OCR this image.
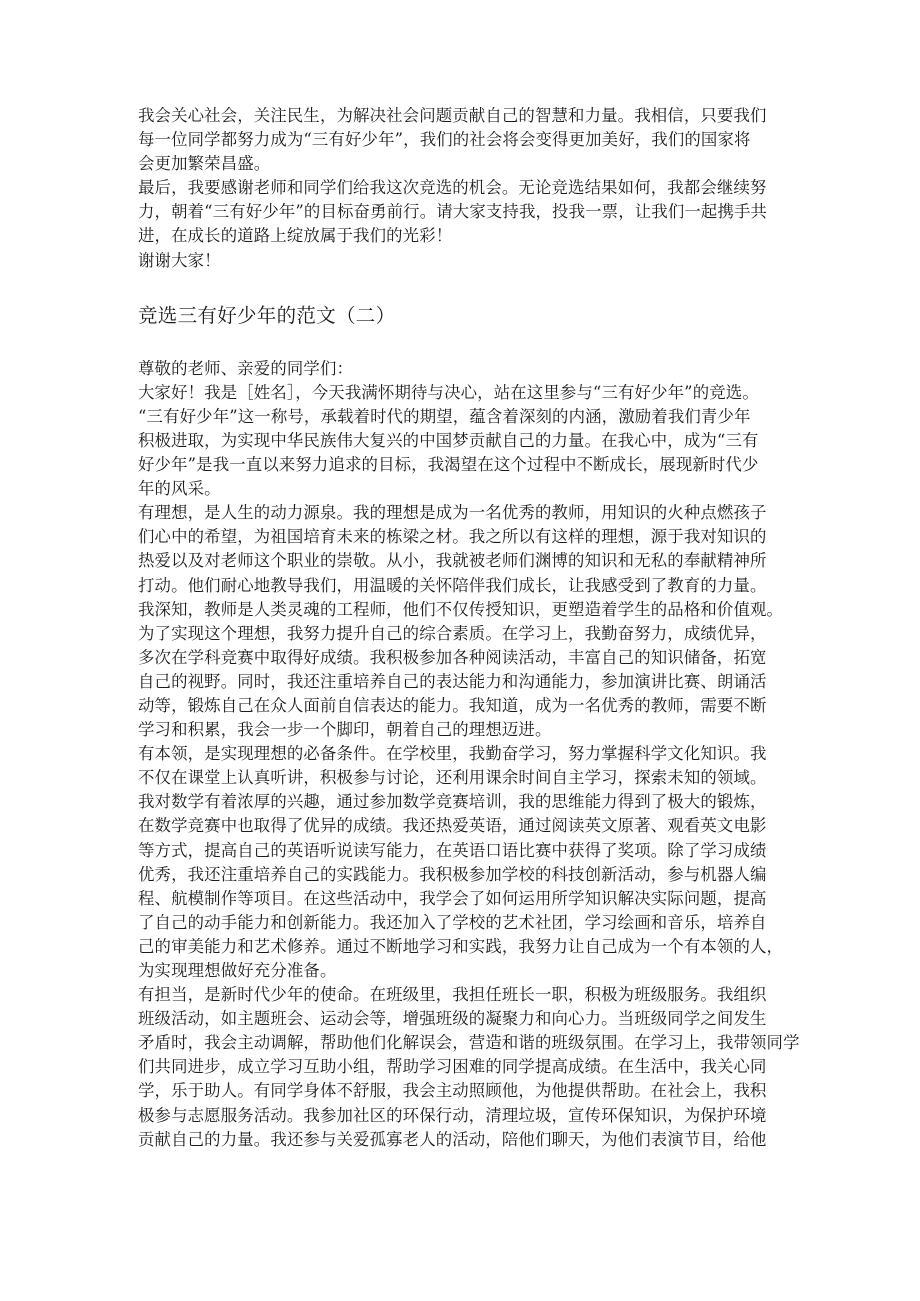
我会关心社会，关注民生，为解决社会问题贡献自己的智慧和力量。我相信，只要我们
每一位同学都努力成为“三有好少年”，我们的社会将会变得更加美好，我们的国家将
会更加繁荣昌盛。
最后，我要感谢老师和同学们给我这次竞选的机会。无论竞选结果如何，我都会继续努
力，朝着“三有好少年”的目标奋勇前行。请大家支持我，投我一票，让我们一起携手共
进，在成长的道路上绽放属于我们的光彩！
谢谢大家！
竞选三有好少年的范文（二）
尊敬的老师、亲爱的同学们：
大家好！我是［姓名］，今天我满怀期待与决心，站在这里参与“三有好少年”的竞选。
“三有好少年”这一称号，承载着时代的期望，蕴含着深刻的内涵，激励着我们青少年
积极进取，为实现中华民族伟大复兴的中国梦贡献自己的力量。在我心中，成为“三有
好少年”是我一直以来努力追求的目标，我渴望在这个过程中不断成长，展现新时代少
年的风采。
有理想，是人生的动力源泉。我的理想是成为一名优秀的教师，用知识的火种点燃孩子
们心中的希望，为祖国培育未来的栋梁之材。我之所以有这样的理想，源于我对知识的
热爱以及对老师这个职业的崇敬。从小，我就被老师们渊博的知识和无私的奉献精神所
打动。他们耐心地教导我们，用温暖的关怀陪伴我们成长，让我感受到了教育的力量。
我深知，教师是人类灵魂的工程师，他们不仅传授知识，更塑造着学生的品格和价值观。
为了实现这个理想，我努力提升自己的综合素质。在学习上，我勤奋努力，成绩优异，
多次在学科竞赛中取得好成绩。我积极参加各种阅读活动，丰富自己的知识储备，拓宽
自己的视野。同时，我还注重培养自己的表达能力和沟通能力，参加演讲比赛、朗诵活
动等，锻炼自己在众人面前自信表达的能力。我知道，成为一名优秀的教师，需要不断
学习和积累，我会一步一个脚印，朝着自己的理想迈进。
有本领，是实现理想的必备条件。在学校里，我勤奋学习，努力掌握科学文化知识。我
不仅在课堂上认真听讲，积极参与讨论，还利用课余时间自主学习，探索未知的领域。
我对数学有着浓厚的兴趣，通过参加数学竞赛培训，我的思维能力得到了极大的锻炼，
在数学竞赛中也取得了优异的成绩。我还热爱英语，通过阅读英文原著、观看英文电影
等方式，提高自己的英语听说读写能力，在英语口语比赛中获得了奖项。除了学习成绩
优秀，我还注重培养自己的实践能力。我积极参加学校的科技创新活动，参与机器人编
程、航模制作等项目。在这些活动中，我学会了如何运用所学知识解决实际问题，提高
了自己的动手能力和创新能力。我还加入了学校的艺术社团，学习绘画和音乐，培养自
己的审美能力和艺术修养。通过不断地学习和实践，我努力让自己成为一个有本领的人，
为实现理想做好充分准备。
有担当，是新时代少年的使命。在班级里，我担任班长一职，积极为班级服务。我组织
班级活动，如主题班会、运动会等，增强班级的凝聚力和向心力。当班级同学之间发生
矛盾时，我会主动调解，帮助他们化解误会，营造和谐的班级氛围。在学习上，我带领同学
们共同进步，成立学习互助小组，帮助学习困难的同学提高成绩。在生活中，我关心同
学，乐于助人。有同学身体不舒服，我会主动照顾他，为他提供帮助。在社会上，我积
极参与志愿服务活动。我参加社区的环保行动，清理垃圾，宣传环保知识，为保护环境
贡献自己的力量。我还参与关爱孤寡老人的活动，陪他们聊天，为他们表演节目，给他
